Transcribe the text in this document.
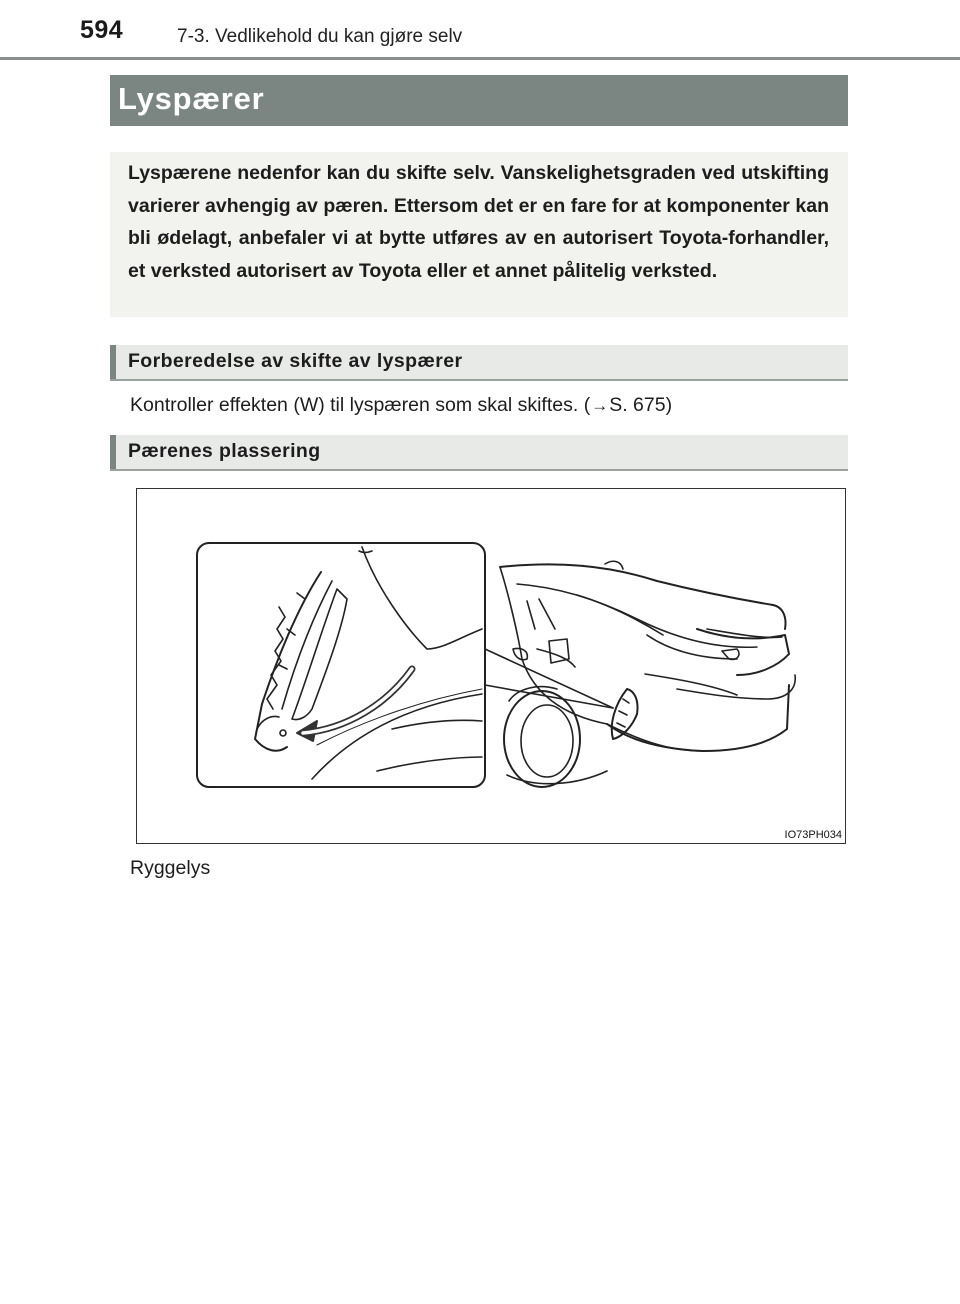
594	7-3. Vedlikehold du kan gjøre selv
Lyspærer

Lyspærene nedenfor kan du skifte selv. Vanskelighetsgraden ved utskifting varierer avhengig av pæren. Ettersom det er en fare for at komponenter kan bli ødelagt, anbefaler vi at bytte utføres av en autorisert Toyota-forhandler, et verksted autorisert av Toyota eller et annet pålitelig verksted.

Forberedelse av skifte av lyspærer
Kontroller effekten (W) til lyspæren som skal skiftes. (→S. 675)
Pærenes plassering
IO73PH034
Ryggelys
